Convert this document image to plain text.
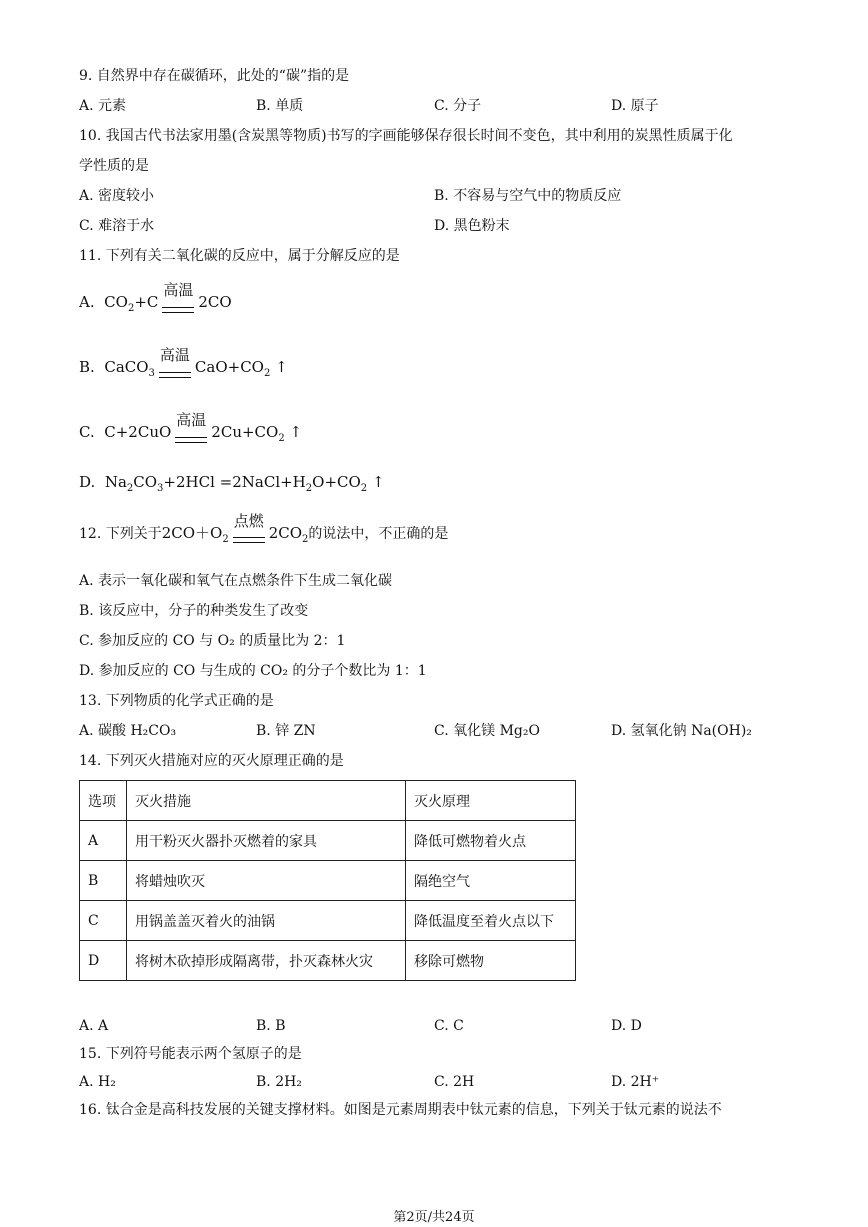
9. 自然界中存在碳循环，此处的“碳”指的是
A. 元素	B. 单质	C. 分子	D. 原子
10. 我国古代书法家用墨(含炭黑等物质)书写的字画能够保存很长时间不变色，其中利用的炭黑性质属于化
学性质的是
A. 密度较小	B. 不容易与空气中的物质反应
C. 难溶于水	D. 黑色粉末
11. 下列有关二氧化碳的反应中，属于分解反应的是
A. $CO_2+C$
高温
2CO
B. CaCO$_3$
高温
$CaO+CO_2$ ↑
C. C+2CuO
高温
$2Cu+CO_2$ ↑
D. $Na_2CO_3+2HCl$ $=2NaCl+H_2O+CO_2$ ↑
12. 下列关于$2CO+O_2$
点燃
$2CO_2$的说法中，不正确的是
A. 表示一氧化碳和氧气在点燃条件下生成二氧化碳
B. 该反应中，分子的种类发生了改变
C. 参加反应的 CO 与 O₂ 的质量比为 2：1
D. 参加反应的 CO 与生成的 CO₂ 的分子个数比为 1：1
13. 下列物质的化学式正确的是
A. 碳酸 H₂CO₃	B. 锌 ZN	C. 氧化镁 Mg₂O	D. 氢氧化钠 Na(OH)₂
14. 下列灭火措施对应的灭火原理正确的是
选项	灭火措施	灭火原理
A	用干粉灭火器扑灭燃着的家具	降低可燃物着火点
B	将蜡烛吹灭	隔绝空气
C	用锅盖盖灭着火的油锅	降低温度至着火点以下
D	将树木砍掉形成隔离带，扑灭森林火灾	移除可燃物
A. A	B. B	C. C	D. D
15. 下列符号能表示两个氢原子的是
A. H₂	B. 2H₂	C. 2H	D. 2H⁺
16. 钛合金是高科技发展的关键支撑材料。如图是元素周期表中钛元素的信息，下列关于钛元素的说法不
第2页/共24页
